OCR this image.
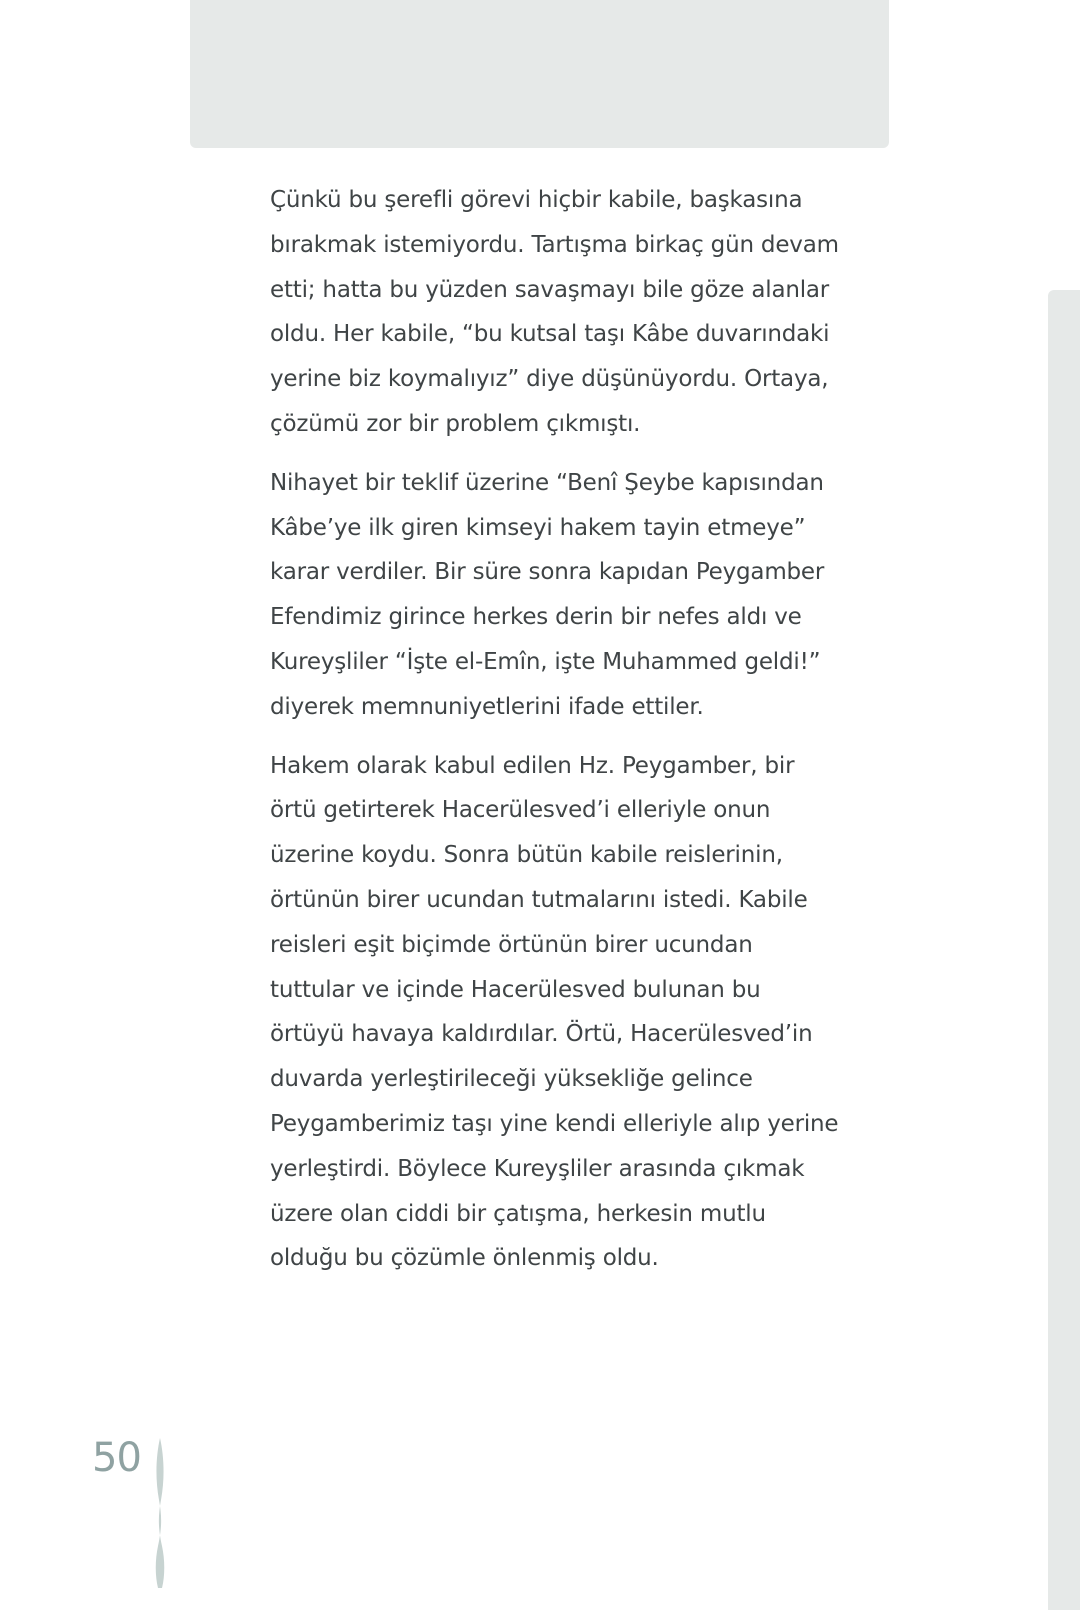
Çünkü bu şerefli görevi hiçbir kabile, başkasına
bırakmak istemiyordu. Tartışma birkaç gün devam
etti; hatta bu yüzden savaşmayı bile göze alanlar
oldu. Her kabile, “bu kutsal taşı Kâbe duvarındaki
yerine biz koymalıyız” diye düşünüyordu. Ortaya,
çözümü zor bir problem çıkmıştı.

Nihayet bir teklif üzerine “Benî Şeybe kapısından
Kâbe’ye ilk giren kimseyi hakem tayin etmeye”
karar verdiler. Bir süre sonra kapıdan Peygamber
Efendimiz girince herkes derin bir nefes aldı ve
Kureyşliler “İşte el-Emîn, işte Muhammed geldi!”
diyerek memnuniyetlerini ifade ettiler.

Hakem olarak kabul edilen Hz. Peygamber, bir
örtü getirterek Hacerülesved’i elleriyle onun
üzerine koydu. Sonra bütün kabile reislerinin,
örtünün birer ucundan tutmalarını istedi. Kabile
reisleri eşit biçimde örtünün birer ucundan
tuttular ve içinde Hacerülesved bulunan bu
örtüyü havaya kaldırdılar. Örtü, Hacerülesved’in
duvarda yerleştirileceği yüksekliğe gelince
Peygamberimiz taşı yine kendi elleriyle alıp yerine
yerleştirdi. Böylece Kureyşliler arasında çıkmak
üzere olan ciddi bir çatışma, herkesin mutlu
olduğu bu çözümle önlenmiş oldu.

50
